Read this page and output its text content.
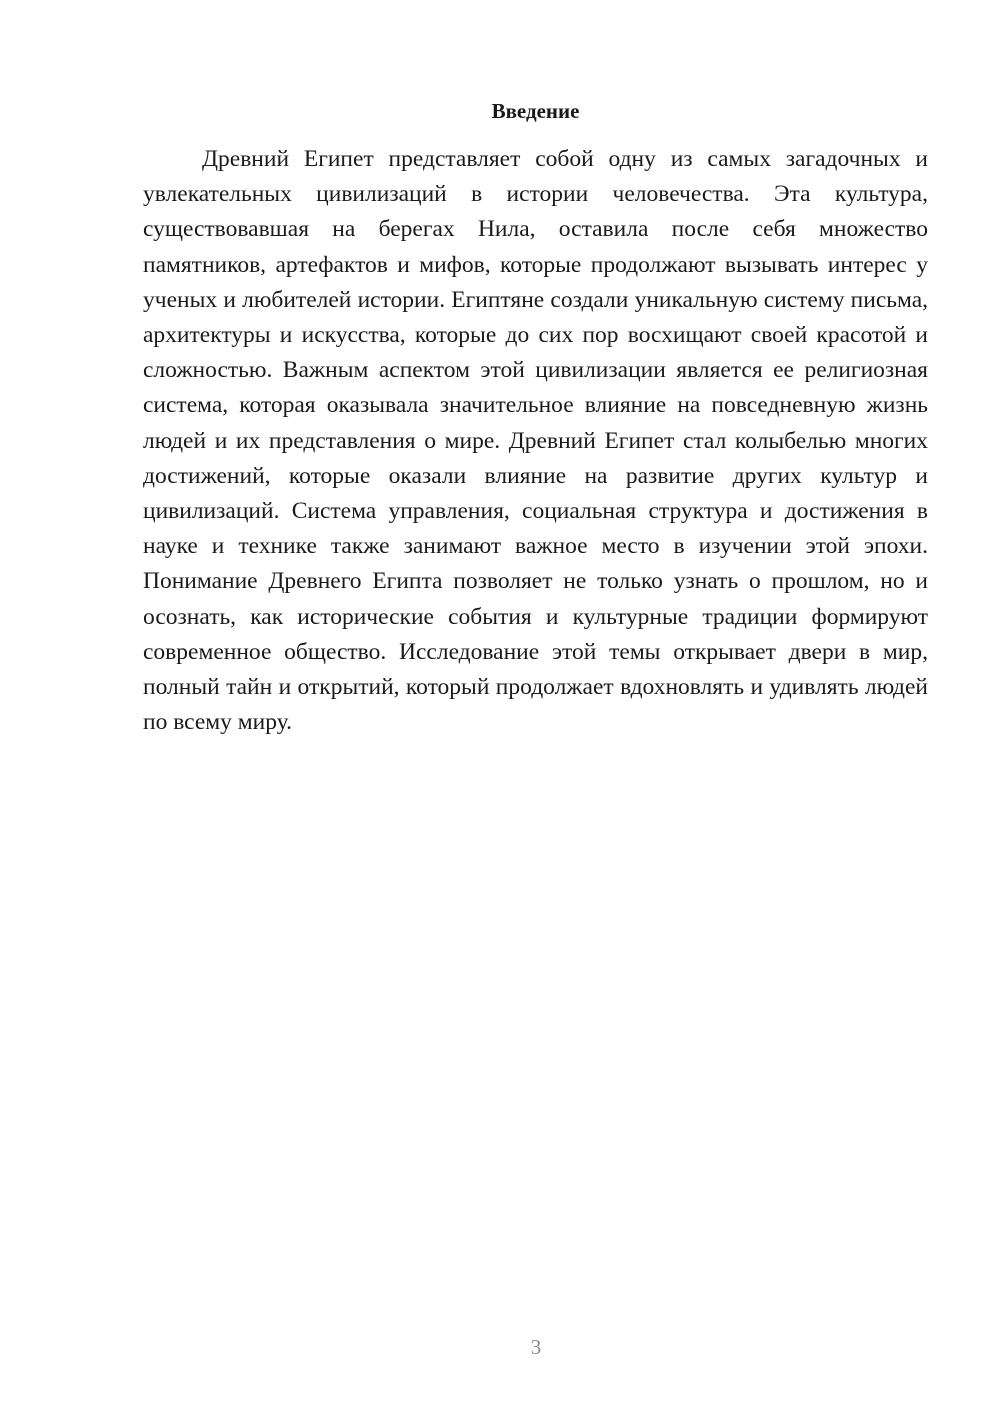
Введение

Древний Египет представляет собой одну из самых загадочных и увлекательных цивилизаций в истории человечества. Эта культура, существовавшая на берегах Нила, оставила после себя множество памятников, артефактов и мифов, которые продолжают вызывать интерес у ученых и любителей истории. Египтяне создали уникальную систему письма, архитектуры и искусства, которые до сих пор восхищают своей красотой и сложностью. Важным аспектом этой цивилизации является ее религиозная система, которая оказывала значительное влияние на повседневную жизнь людей и их представления о мире. Древний Египет стал колыбелью многих достижений, которые оказали влияние на развитие других культур и цивилизаций. Система управления, социальная структура и достижения в науке и технике также занимают важное место в изучении этой эпохи. Понимание Древнего Египта позволяет не только узнать о прошлом, но и осознать, как исторические события и культурные традиции формируют современное общество. Исследование этой темы открывает двери в мир, полный тайн и открытий, который продолжает вдохновлять и удивлять людей по всему миру.

3
